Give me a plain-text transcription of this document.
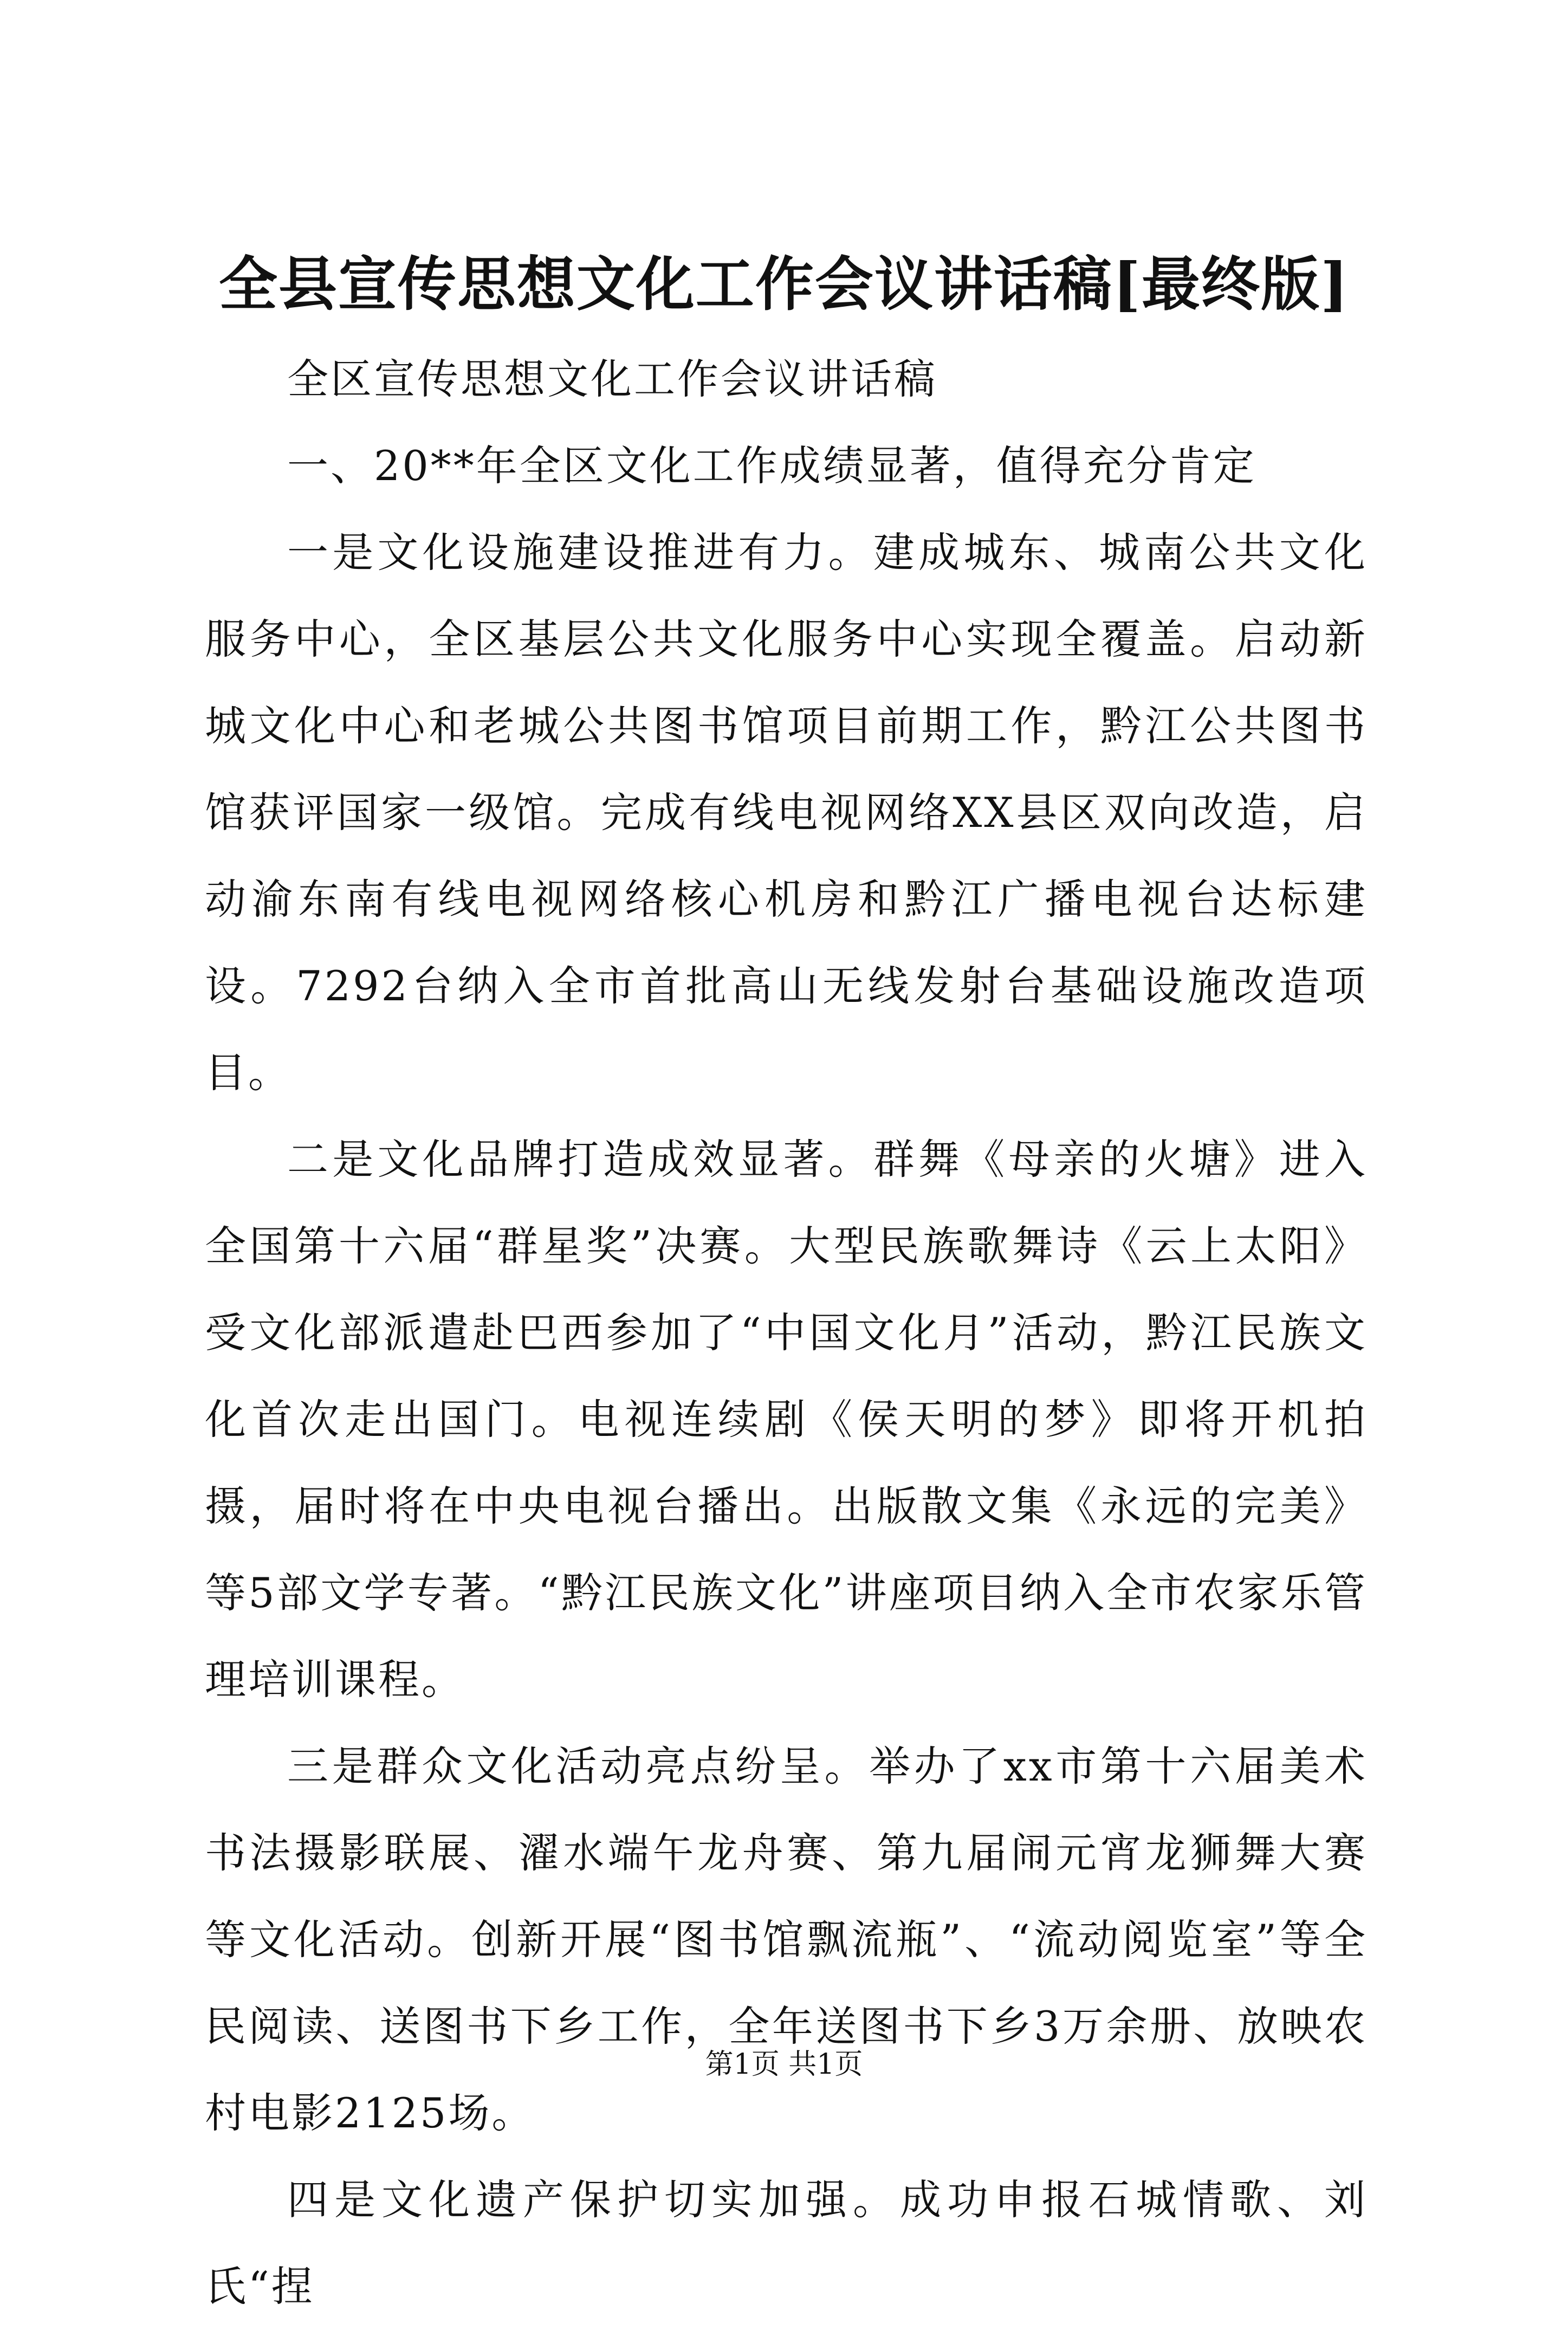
全县宣传思想文化工作会议讲话稿[最终版]

全区宣传思想文化工作会议讲话稿

一、20**年全区文化工作成绩显著，值得充分肯定

一是文化设施建设推进有力。建成城东、城南公共文化服务中心，全区基层公共文化服务中心实现全覆盖。启动新城文化中心和老城公共图书馆项目前期工作，黔江公共图书馆获评国家一级馆。完成有线电视网络XX县区双向改造，启动渝东南有线电视网络核心机房和黔江广播电视台达标建设。7292台纳入全市首批高山无线发射台基础设施改造项目。

二是文化品牌打造成效显著。群舞《母亲的火塘》进入全国第十六届“群星奖”决赛。大型民族歌舞诗《云上太阳》受文化部派遣赴巴西参加了“中国文化月”活动，黔江民族文化首次走出国门。电视连续剧《侯天明的梦》即将开机拍摄，届时将在中央电视台播出。出版散文集《永远的完美》等5部文学专著。“黔江民族文化”讲座项目纳入全市农家乐管理培训课程。

三是群众文化活动亮点纷呈。举办了xx市第十六届美术书法摄影联展、濯水端午龙舟赛、第九届闹元宵龙狮舞大赛等文化活动。创新开展“图书馆飘流瓶”、“流动阅览室”等全民阅读、送图书下乡工作，全年送图书下乡3万余册、放映农村电影2125场。

四是文化遗产保护切实加强。成功申报石城情歌、刘氏“捏

第1页 共1页
